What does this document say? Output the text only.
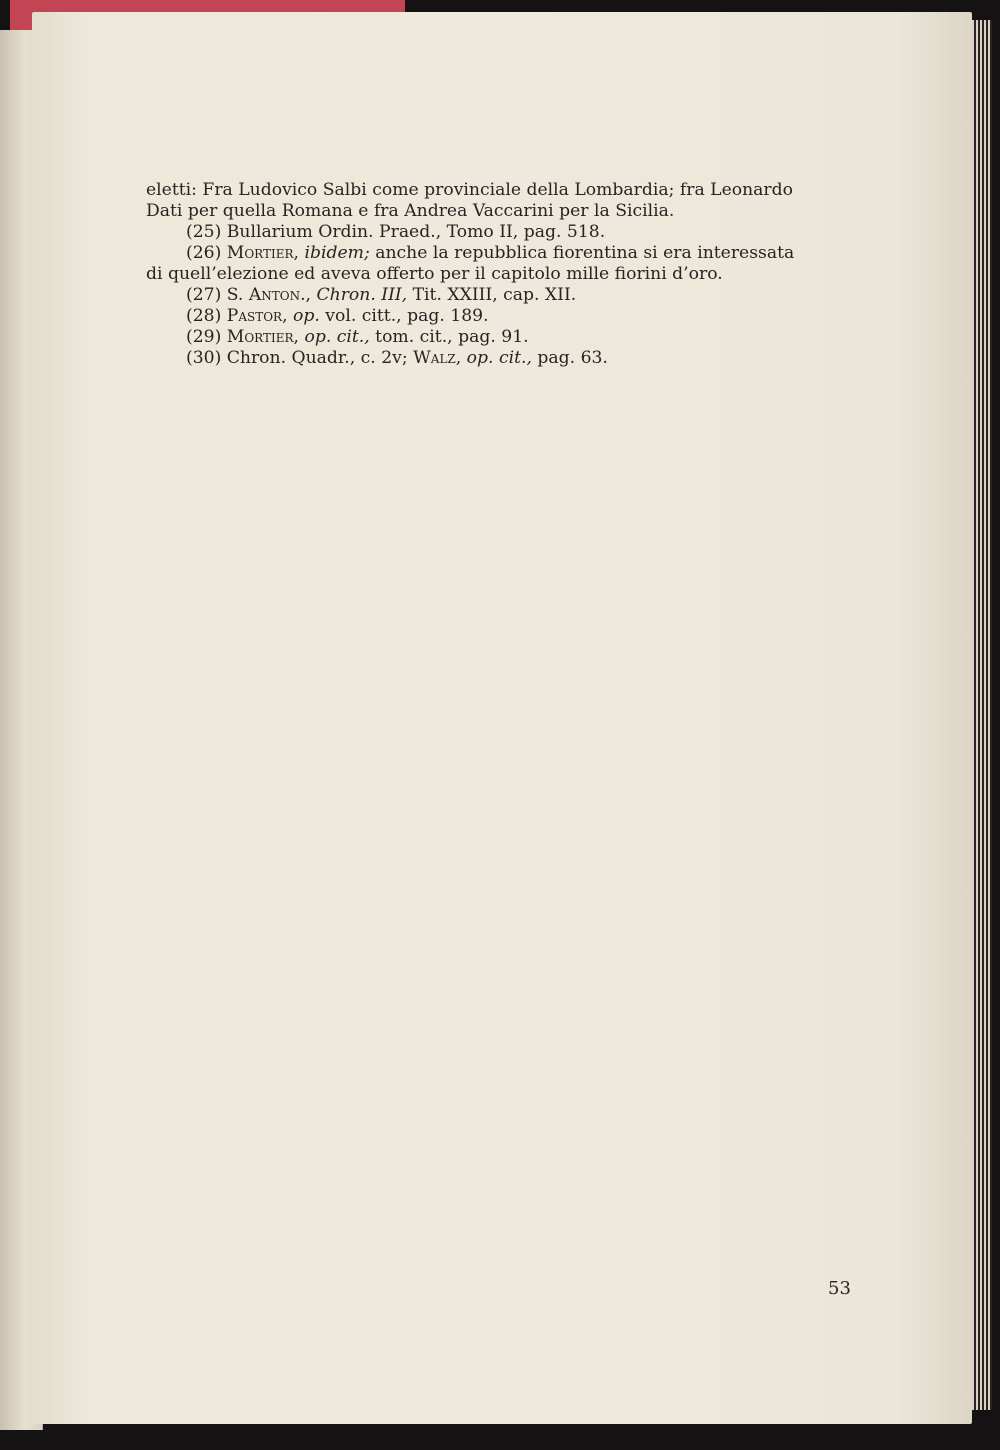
eletti: Fra Ludovico Salbi come provinciale della Lombardia; fra Leonardo

Dati per quella Romana e fra Andrea Vaccarini per la Sicilia.

(25) Bullarium Ordin. Praed., Tomo II, pag. 518.

(26) Mortier, ibidem; anche la repubblica fiorentina si era interessata

di quell’elezione ed aveva offerto per il capitolo mille fiorini d’oro.

(27) S. Anton., Chron. III, Tit. XXIII, cap. XII.

(28) Pastor, op. vol. citt., pag. 189.

(29) Mortier, op. cit., tom. cit., pag. 91.

(30) Chron. Quadr., c. 2v; Walz, op. cit., pag. 63.

53
